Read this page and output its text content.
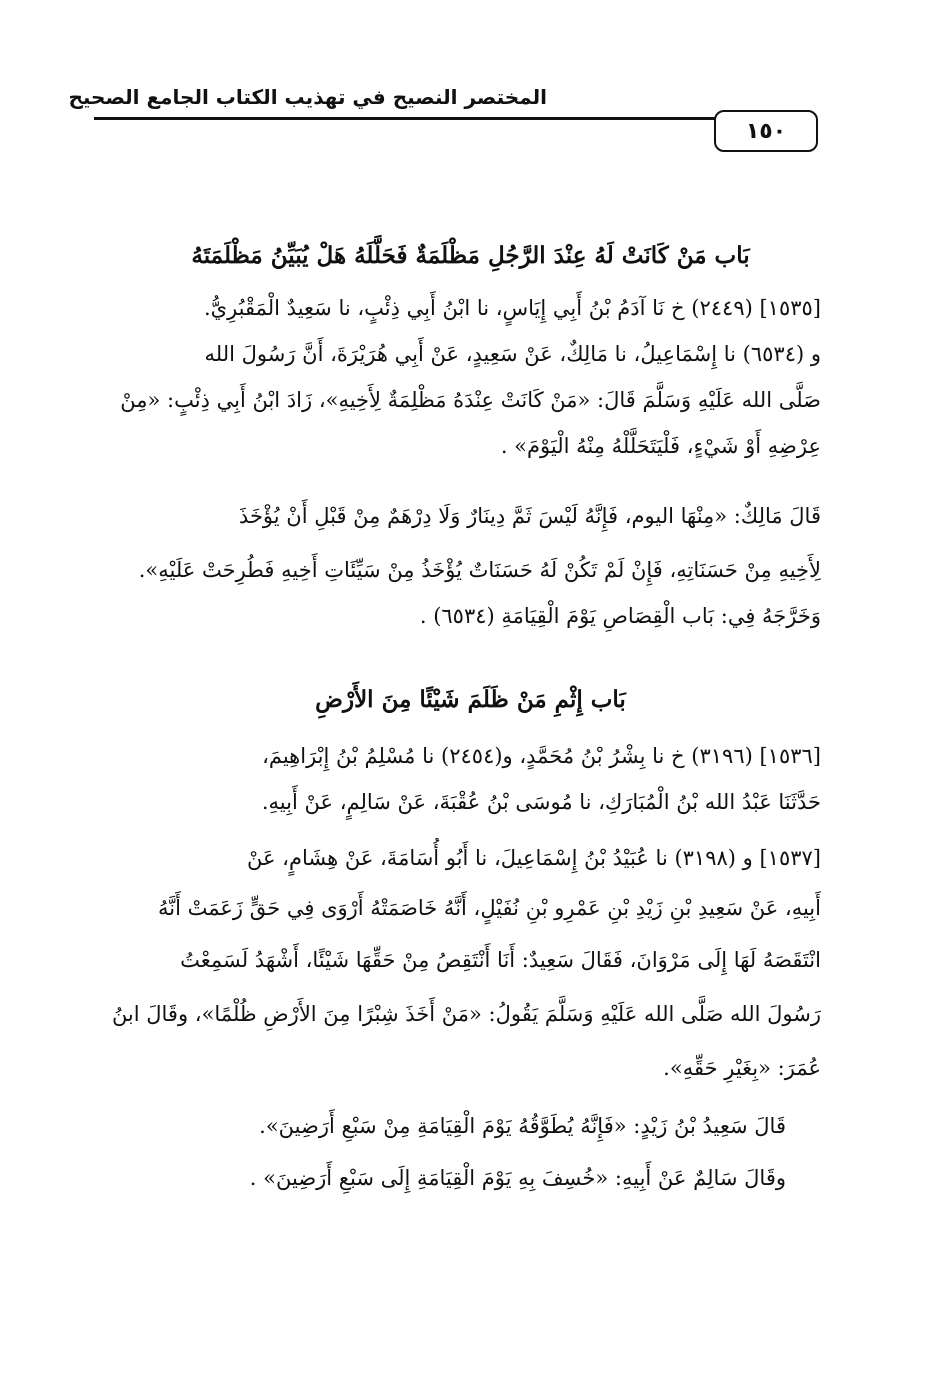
المختصر النصيح في تهذيب الكتاب الجامع الصحيح
١٥٠
بَاب مَنْ كَانَتْ لَهُ عِنْدَ الرَّجُلِ مَظْلَمَةٌ فَحَلَّلَهُ هَلْ يُبَيِّنُ مَظْلَمَتَهُ
[١٥٣٥] (٢٤٤٩) خ نَا آدَمُ بْنُ أَبِي إِيَاسٍ، نا ابْنُ أَبِي ذِئْبٍ، نا سَعِيدٌ الْمَقْبُرِيُّ.
و (٦٥٣٤) نا إِسْمَاعِيلُ، نا مَالِكٌ، عَنْ سَعِيدٍ، عَنْ أَبِي هُرَيْرَةَ، أَنَّ رَسُولَ الله
صَلَّى الله عَلَيْهِ وَسَلَّمَ قَالَ: «مَنْ كَانَتْ عِنْدَهُ مَظْلِمَةٌ لِأَخِيهِ»، زَادَ ابْنُ أَبِي ذِئْبٍ: «مِنْ
عِرْضِهِ أَوْ شَيْءٍ، فَلْيَتَحَلَّلْهُ مِنْهُ الْيَوْمَ» .
قَالَ مَالِكٌ: «مِنْهَا اليوم، فَإِنَّهُ لَيْسَ ثَمَّ دِينَارٌ وَلَا دِرْهَمٌ مِنْ قَبْلِ أَنْ يُؤْخَذَ
لِأَخِيهِ مِنْ حَسَنَاتِهِ، فَإِنْ لَمْ تَكُنْ لَهُ حَسَنَاتٌ يُؤْخَذُ مِنْ سَيِّئَاتِ أَخِيهِ فَطُرِحَتْ عَلَيْهِ».
وَخَرَّجَهُ فِي: بَاب الْقِصَاصِ يَوْمَ الْقِيَامَةِ (٦٥٣٤) .
بَاب إِثْمِ مَنْ ظَلَمَ شَيْئًا مِنَ الأَرْضِ
[١٥٣٦] (٣١٩٦) خ نا بِشْرُ بْنُ مُحَمَّدٍ، و(٢٤٥٤) نا مُسْلِمُ بْنُ إِبْرَاهِيمَ،
حَدَّثَنَا عَبْدُ الله بْنُ الْمُبَارَكِ، نا مُوسَى بْنُ عُقْبَةَ، عَنْ سَالِمٍ، عَنْ أَبِيهِ.
[١٥٣٧] و (٣١٩٨) نا عُبَيْدُ بْنُ إِسْمَاعِيلَ، نا أَبُو أُسَامَةَ، عَنْ هِشَامٍ، عَنْ
أَبِيهِ، عَنْ سَعِيدِ بْنِ زَيْدِ بْنِ عَمْرِو بْنِ نُفَيْلٍ، أَنَّهُ خَاصَمَتْهُ أَرْوَى فِي حَقٍّ زَعَمَتْ أَنَّهُ
انْتَقَصَهُ لَهَا إِلَى مَرْوَانَ، فَقَالَ سَعِيدٌ: أَنَا أَنْتَقِصُ مِنْ حَقِّهَا شَيْئًا، أَشْهَدُ لَسَمِعْتُ
رَسُولَ الله صَلَّى الله عَلَيْهِ وَسَلَّمَ يَقُولُ: «مَنْ أَخَذَ شِبْرًا مِنَ الأَرْضِ ظُلْمًا»، وقَالَ ابنُ
عُمَرَ: «بِغَيْرِ حَقِّهِ».
قَالَ سَعِيدُ بْنُ زَيْدٍ: «فَإِنَّهُ يُطَوَّقُهُ يَوْمَ الْقِيَامَةِ مِنْ سَبْعِ أَرَضِينَ».
وقَالَ سَالِمٌ عَنْ أَبِيهِ: «خُسِفَ بِهِ يَوْمَ الْقِيَامَةِ إِلَى سَبْعِ أَرَضِينَ» .
